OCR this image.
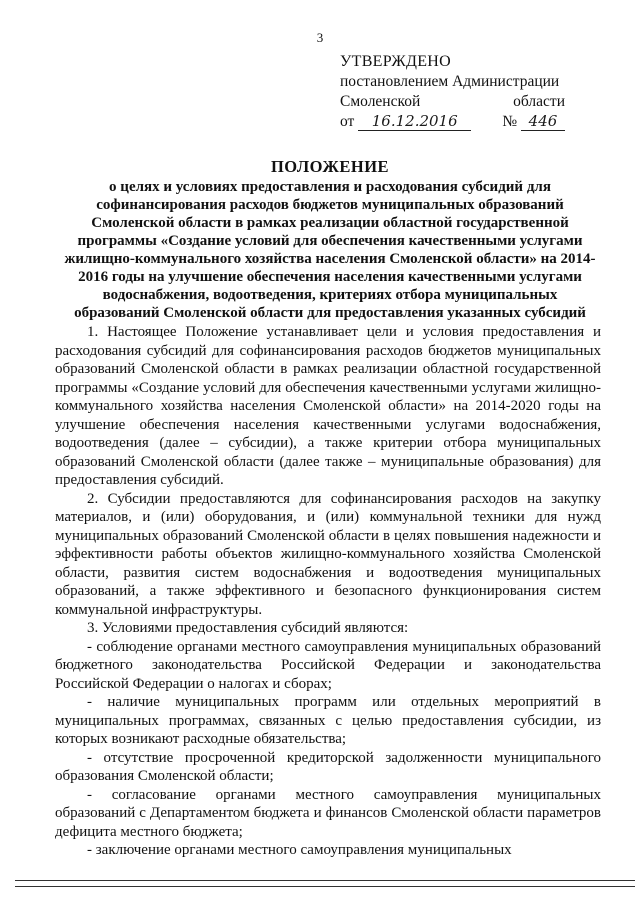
3
УТВЕРЖДЕНО
постановлением Администрации
Смоленской	области
от 16.12.2016	№ 446
ПОЛОЖЕНИЕ
о целях и условиях предоставления и расходования субсидий для софинансирования расходов бюджетов муниципальных образований Смоленской области в рамках реализации областной государственной программы «Создание условий для обеспечения качественными услугами жилищно-коммунального хозяйства населения Смоленской области» на 2014-2016 годы на улучшение обеспечения населения качественными услугами водоснабжения, водоотведения, критериях отбора муниципальных образований Смоленской области для предоставления указанных субсидий

1. Настоящее Положение устанавливает цели и условия предоставления и расходования субсидий для софинансирования расходов бюджетов муниципальных образований Смоленской области в рамках реализации областной государственной программы «Создание условий для обеспечения качественными услугами жилищно-коммунального хозяйства населения Смоленской области» на 2014-2020 годы на улучшение обеспечения населения качественными услугами водоснабжения, водоотведения (далее – субсидии), а также критерии отбора муниципальных образований Смоленской области (далее также – муниципальные образования) для предоставления субсидий.

2. Субсидии предоставляются для софинансирования расходов на закупку материалов, и (или) оборудования, и (или) коммунальной техники для нужд муниципальных образований Смоленской области в целях повышения надежности и эффективности работы объектов жилищно-коммунального хозяйства Смоленской области, развития систем водоснабжения и водоотведения муниципальных образований, а также эффективного и безопасного функционирования систем коммунальной инфраструктуры.

3. Условиями предоставления субсидий являются:

- соблюдение органами местного самоуправления муниципальных образований бюджетного законодательства Российской Федерации и законодательства Российской Федерации о налогах и сборах;

- наличие муниципальных программ или отдельных мероприятий в муниципальных программах, связанных с целью предоставления субсидии, из которых возникают расходные обязательства;

- отсутствие просроченной кредиторской задолженности муниципального образования Смоленской области;

- согласование органами местного самоуправления муниципальных образований с Департаментом бюджета и финансов Смоленской области параметров дефицита местного бюджета;

- заключение органами местного самоуправления муниципальных
